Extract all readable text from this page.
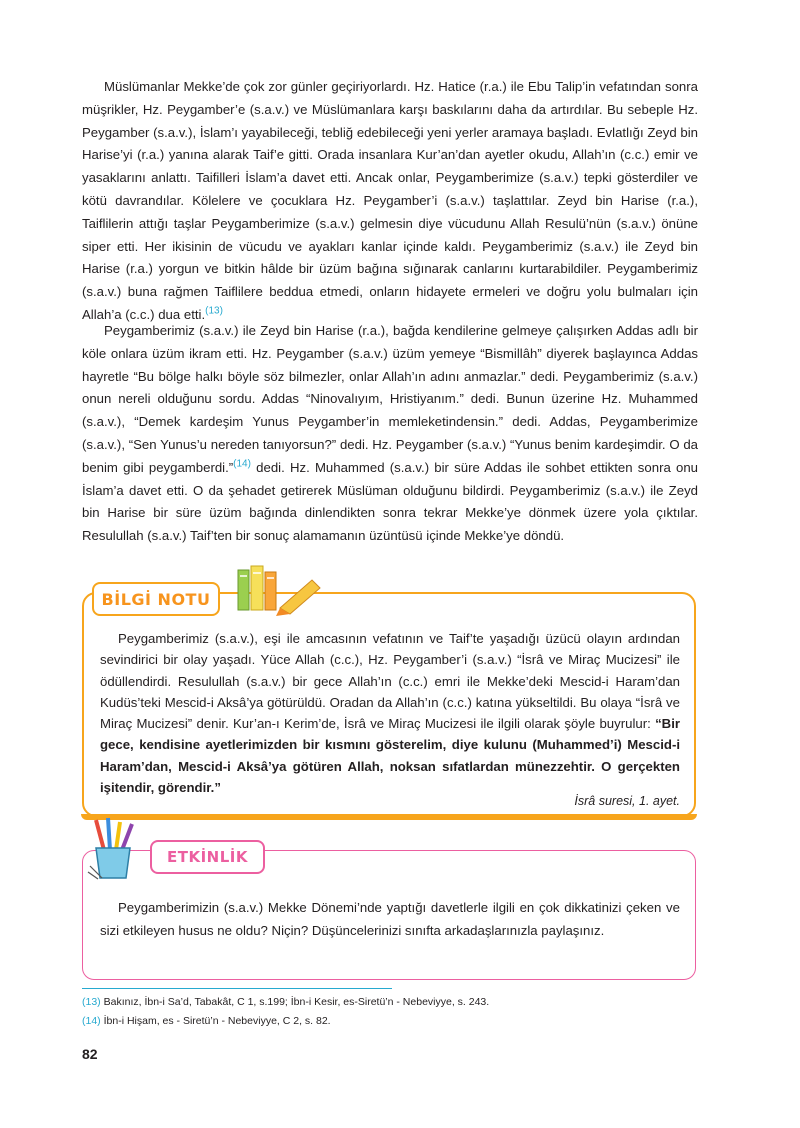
Müslümanlar Mekke’de çok zor günler geçiriyorlardı. Hz. Hatice (r.a.) ile Ebu Talip’in vefatından sonra müşrikler, Hz. Peygamber’e (s.a.v.) ve Müslümanlara karşı baskılarını daha da artırdılar. Bu sebeple Hz. Peygamber (s.a.v.), İslam’ı yayabileceği, tebliğ edebileceği yeni yerler aramaya başladı. Evlatlığı Zeyd bin Harise’yi (r.a.) yanına alarak Taif’e gitti. Orada insanlara Kur’an’dan ayetler okudu, Allah’ın (c.c.) emir ve yasaklarını anlattı. Taifilleri İslam’a davet etti. Ancak onlar, Peygamberimize (s.a.v.) tepki gösterdiler ve kötü davrandılar. Kölelere ve çocuklara Hz. Peygamber’i (s.a.v.) taşlattılar. Zeyd bin Harise (r.a.), Taiflilerin attığı taşlar Peygamberimize (s.a.v.) gelmesin diye vücudunu Allah Resulü’nün (s.a.v.) önüne siper etti. Her ikisinin de vücudu ve ayakları kanlar içinde kaldı. Peygamberimiz (s.a.v.) ile Zeyd bin Harise (r.a.) yorgun ve bitkin hâlde bir üzüm bağına sığınarak canlarını kurtarabildiler. Peygamberimiz (s.a.v.) buna rağmen Taiflilere beddua etmedi, onların hidayete ermeleri ve doğru yolu bulmaları için Allah’a (c.c.) dua etti.$^{(13)}$

Peygamberimiz (s.a.v.) ile Zeyd bin Harise (r.a.), bağda kendilerine gelmeye çalışırken Addas adlı bir köle onlara üzüm ikram etti. Hz. Peygamber (s.a.v.) üzüm yemeye “Bismillâh” diyerek başlayınca Addas hayretle “Bu bölge halkı böyle söz bilmezler, onlar Allah’ın adını anmazlar.” dedi. Peygamberimiz (s.a.v.) onun nereli olduğunu sordu. Addas “Ninovalıyım, Hristiyanım.” dedi. Bunun üzerine Hz. Muhammed (s.a.v.), “Demek kardeşim Yunus Peygamber’in memleketindensin.” dedi. Addas, Peygamberimize (s.a.v.), “Sen Yunus’u nereden tanıyorsun?” dedi. Hz. Peygamber (s.a.v.) “Yunus benim kardeşimdir. O da benim gibi peygamberdi.”$^{(14)}$ dedi. Hz. Muhammed (s.a.v.) bir süre Addas ile sohbet ettikten sonra onu İslam’a davet etti. O da şehadet getirerek Müslüman olduğunu bildirdi. Peygamberimiz (s.a.v.) ile Zeyd bin Harise bir süre üzüm bağında dinlendikten sonra tekrar Mekke’ye dönmek üzere yola çıktılar. Resulullah (s.a.v.) Taif’ten bir sonuç alamamanın üzüntüsü içinde Mekke’ye döndü.

BİLGİ NOTU

Peygamberimiz (s.a.v.), eşi ile amcasının vefatının ve Taif’te yaşadığı üzücü olayın ardından sevindirici bir olay yaşadı. Yüce Allah (c.c.), Hz. Peygamber’i (s.a.v.) “İsrâ ve Miraç Mucizesi” ile ödüllendirdi. Resulullah (s.a.v.) bir gece Allah’ın (c.c.) emri ile Mekke’deki Mescid-i Haram’dan Kudüs’teki Mescid-i Aksâ’ya götürüldü. Oradan da Allah’ın (c.c.) katına yükseltildi. Bu olaya “İsrâ ve Miraç Mucizesi” denir. Kur’an-ı Kerim’de, İsrâ ve Miraç Mucizesi ile ilgili olarak şöyle buyrulur: “Bir gece, kendisine ayetlerimizden bir kısmını gösterelim, diye kulunu (Muhammed’i) Mescid-i Haram’dan, Mescid-i Aksâ’ya götüren Allah, noksan sıfatlardan münezzehtir. O gerçekten işitendir, görendir.”

İsrâ suresi, 1. ayet.
ETKİNLİK

Peygamberimizin (s.a.v.) Mekke Dönemi’nde yaptığı davetlerle ilgili en çok dikkatinizi çeken ve sizi etkileyen husus ne oldu? Niçin? Düşüncelerinizi sınıfta arkadaşlarınızla paylaşınız.

(13) Bakınız, İbn-i Sa’d, Tabakât, C 1, s.199; İbn-i Kesir, es-Siretü’n - Nebeviyye, s. 243.

(14) İbn-i Hişam, es - Siretü’n - Nebeviyye, C 2, s. 82.

82
